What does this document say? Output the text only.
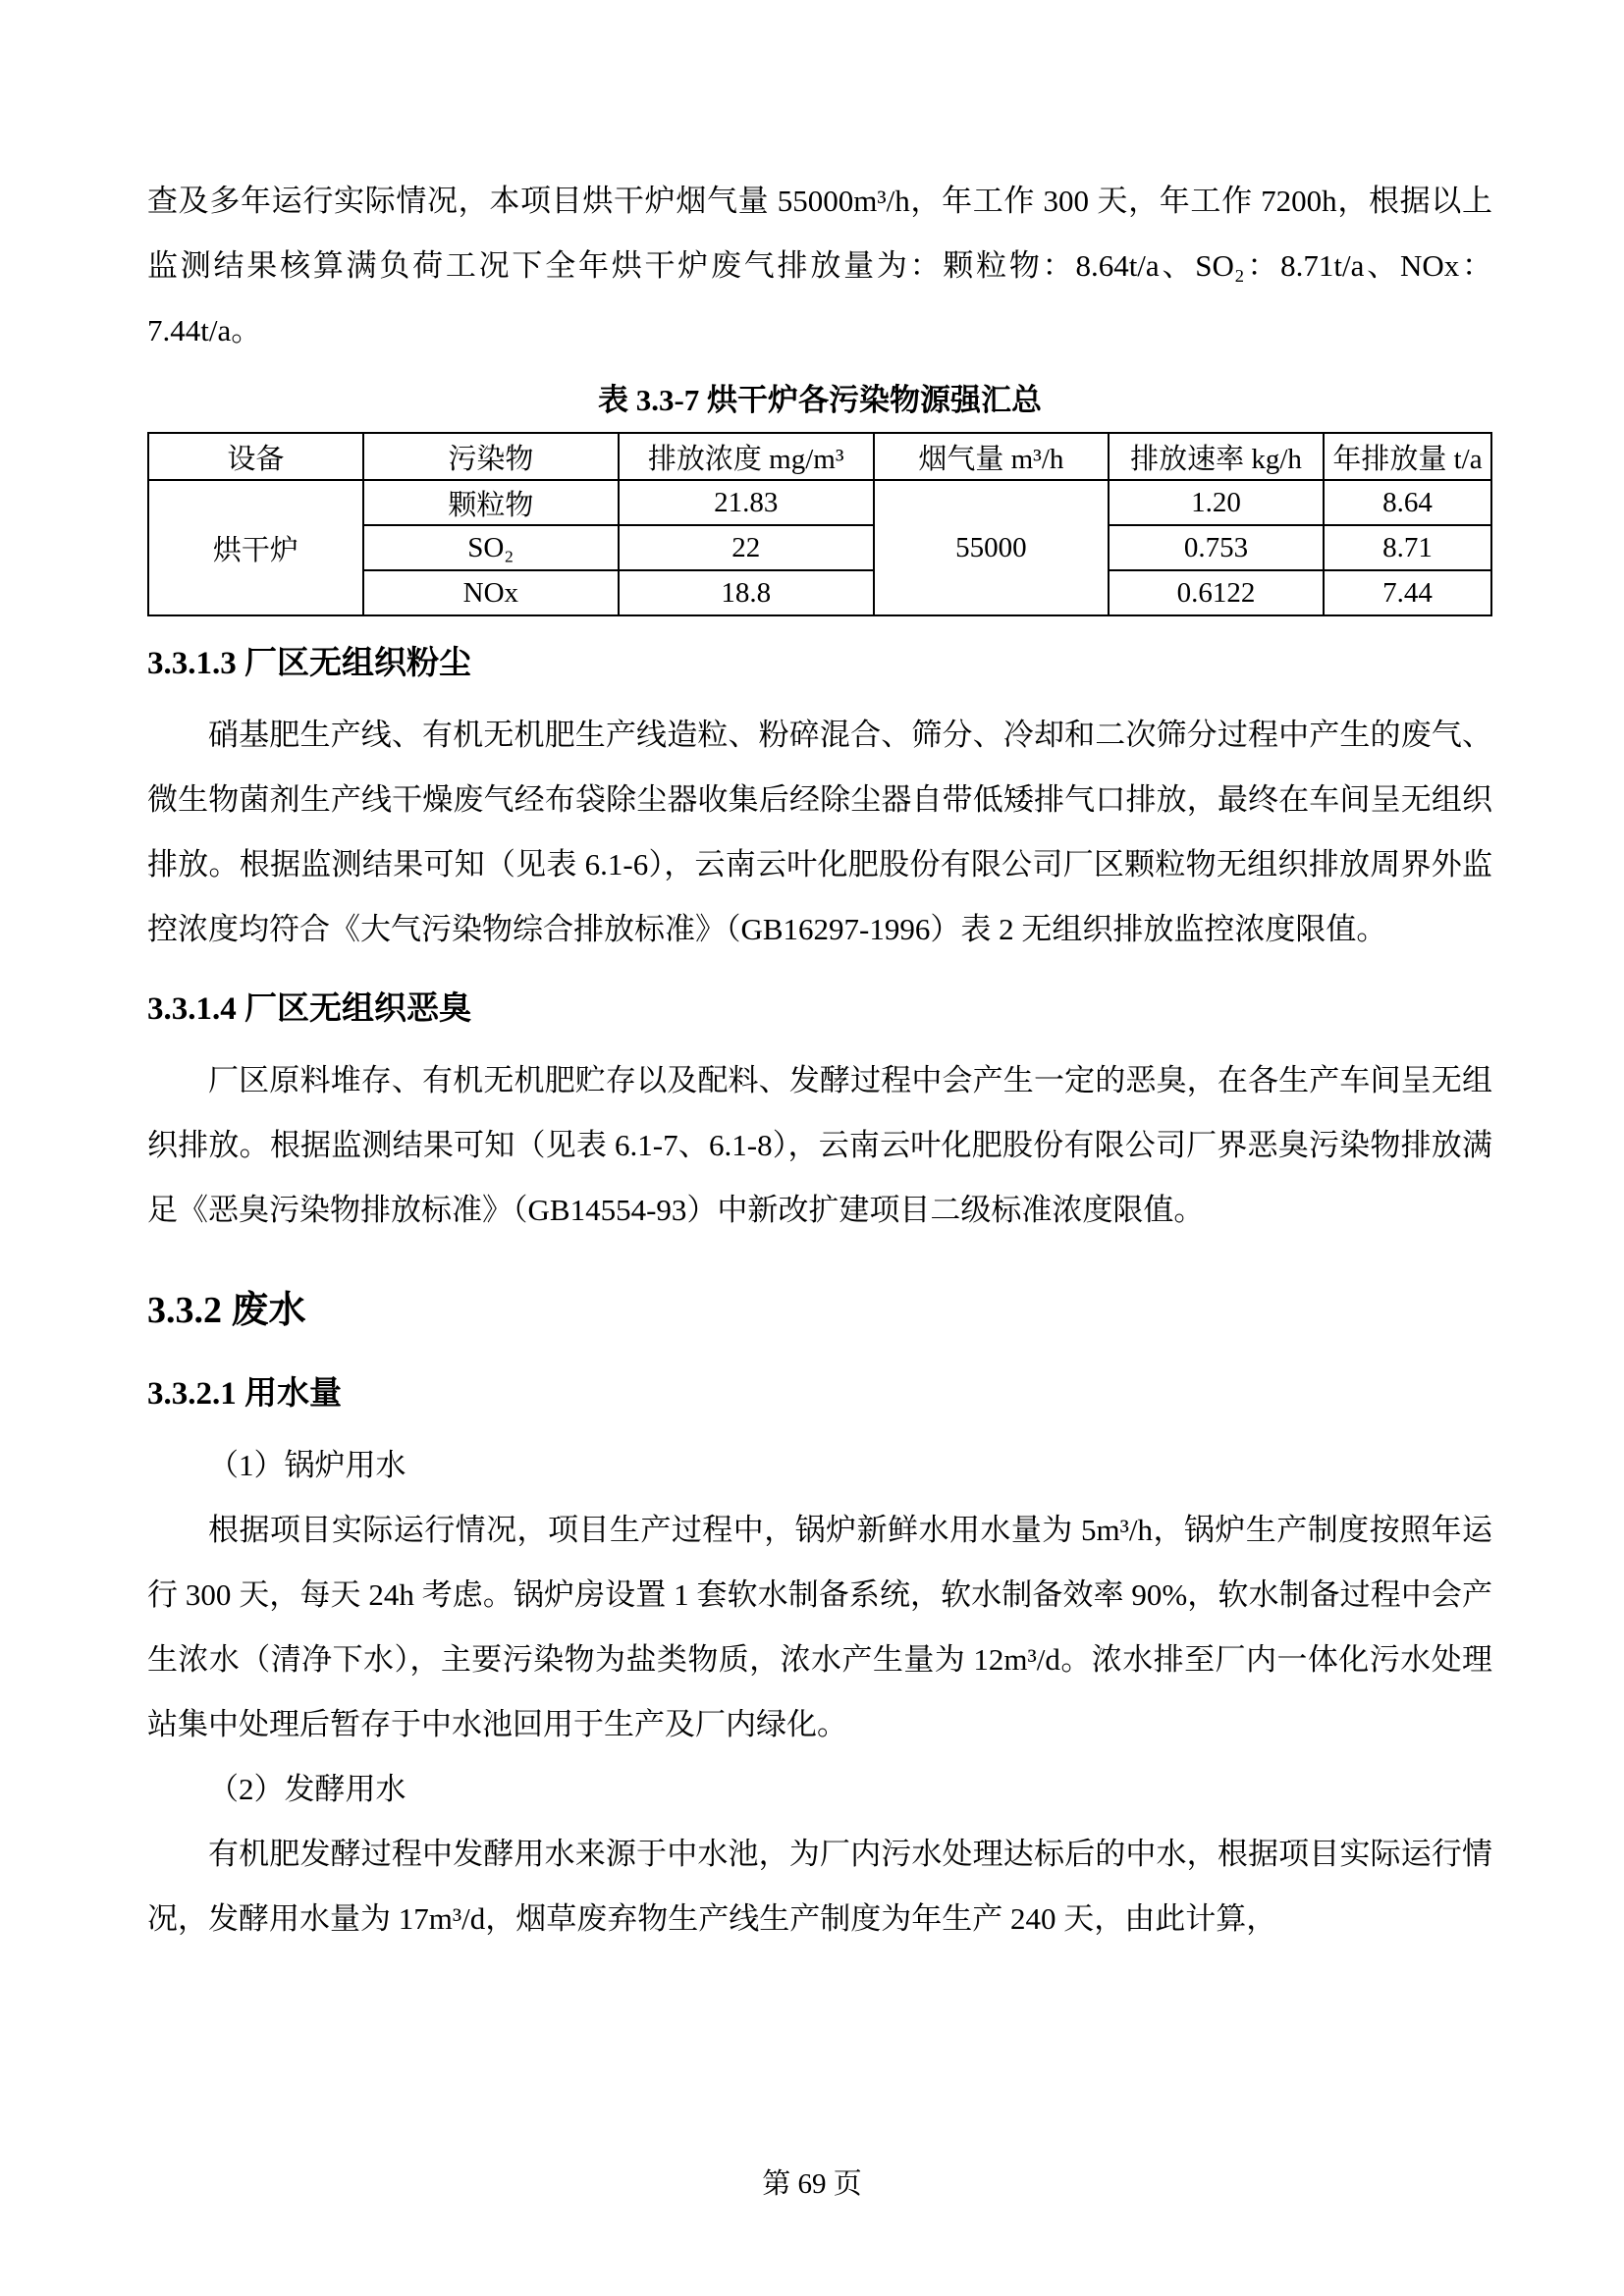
查及多年运行实际情况，本项目烘干炉烟气量 55000m³/h，年工作 300 天，年工作 7200h，根据以上监测结果核算满负荷工况下全年烘干炉废气排放量为：颗粒物：8.64t/a、SO₂：8.71t/a、NOx：7.44t/a。

表 3.3-7 烘干炉各污染物源强汇总

设备	污染物	排放浓度 mg/m³	烟气量 m³/h	排放速率 kg/h	年排放量 t/a
烘干炉	颗粒物	21.83	55000	1.20	8.64
	SO₂	22		0.753	8.71
	NOx	18.8		0.6122	7.44
3.3.1.3 厂区无组织粉尘

硝基肥生产线、有机无机肥生产线造粒、粉碎混合、筛分、冷却和二次筛分过程中产生的废气、微生物菌剂生产线干燥废气经布袋除尘器收集后经除尘器自带低矮排气口排放，最终在车间呈无组织排放。根据监测结果可知（见表 6.1-6），云南云叶化肥股份有限公司厂区颗粒物无组织排放周界外监控浓度均符合《大气污染物综合排放标准》（GB16297-1996）表 2 无组织排放监控浓度限值。

3.3.1.4 厂区无组织恶臭

厂区原料堆存、有机无机肥贮存以及配料、发酵过程中会产生一定的恶臭，在各生产车间呈无组织排放。根据监测结果可知（见表 6.1-7、6.1-8），云南云叶化肥股份有限公司厂界恶臭污染物排放满足《恶臭污染物排放标准》（GB14554-93）中新改扩建项目二级标准浓度限值。

3.3.2 废水
3.3.2.1 用水量

（1）锅炉用水

根据项目实际运行情况，项目生产过程中，锅炉新鲜水用水量为 5m³/h，锅炉生产制度按照年运行 300 天，每天 24h 考虑。锅炉房设置 1 套软水制备系统，软水制备效率 90%，软水制备过程中会产生浓水（清净下水），主要污染物为盐类物质，浓水产生量为 12m³/d。浓水排至厂内一体化污水处理站集中处理后暂存于中水池回用于生产及厂内绿化。

（2）发酵用水

有机肥发酵过程中发酵用水来源于中水池，为厂内污水处理达标后的中水，根据项目实际运行情况，发酵用水量为 17m³/d，烟草废弃物生产线生产制度为年生产 240 天，由此计算，

第 69 页
